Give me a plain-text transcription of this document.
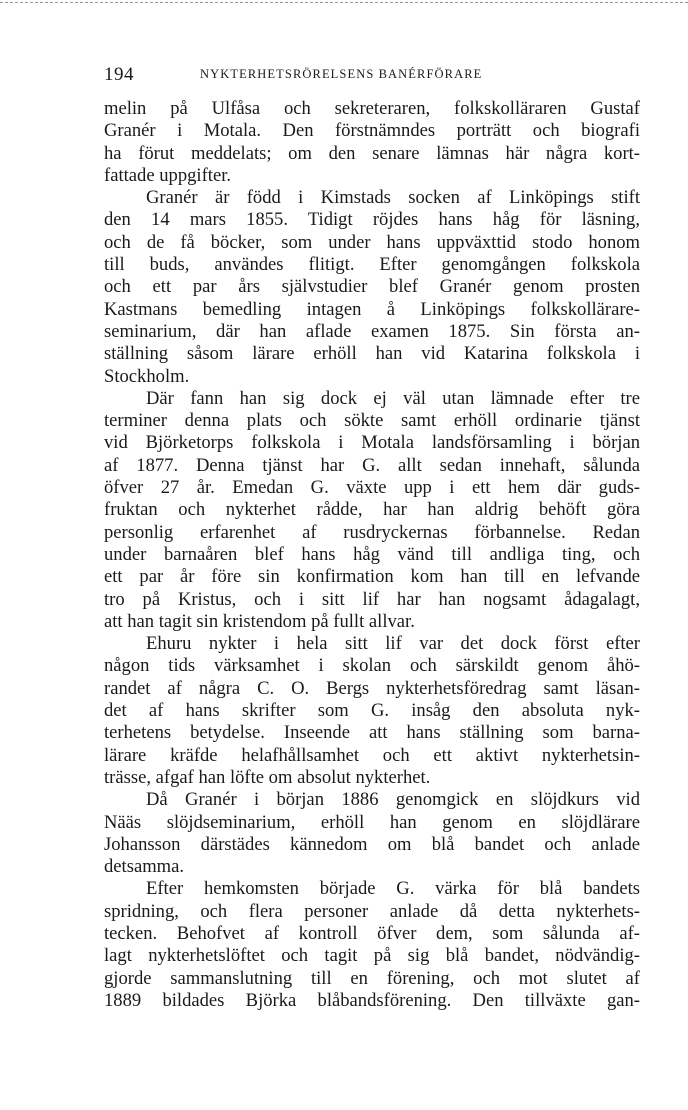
194	NYKTERHETSRÖRELSENS BANÉRFÖRARE
melin på Ulfåsa och sekreteraren, folkskolläraren Gustaf
Granér i Motala. Den förstnämndes porträtt och biografi
ha förut meddelats; om den senare lämnas här några kort-
fattade uppgifter.
Granér är född i Kimstads socken af Linköpings stift
den 14 mars 1855. Tidigt röjdes hans håg för läsning,
och de få böcker, som under hans uppväxttid stodo honom
till buds, användes flitigt. Efter genomgången folkskola
och ett par års självstudier blef Granér genom prosten
Kastmans bemedling intagen å Linköpings folkskollärare-
seminarium, där han aflade examen 1875. Sin första an-
ställning såsom lärare erhöll han vid Katarina folkskola i
Stockholm.
Där fann han sig dock ej väl utan lämnade efter tre
terminer denna plats och sökte samt erhöll ordinarie tjänst
vid Björketorps folkskola i Motala landsförsamling i början
af 1877. Denna tjänst har G. allt sedan innehaft, sålunda
öfver 27 år. Emedan G. växte upp i ett hem där guds-
fruktan och nykterhet rådde, har han aldrig behöft göra
personlig erfarenhet af rusdryckernas förbannelse. Redan
under barnaåren blef hans håg vänd till andliga ting, och
ett par år före sin konfirmation kom han till en lefvande
tro på Kristus, och i sitt lif har han nogsamt ådagalagt,
att han tagit sin kristendom på fullt allvar.
Ehuru nykter i hela sitt lif var det dock först efter
någon tids värksamhet i skolan och särskildt genom åhö-
randet af några C. O. Bergs nykterhetsföredrag samt läsan-
det af hans skrifter som G. insåg den absoluta nyk-
terhetens betydelse. Inseende att hans ställning som barna-
lärare kräfde helafhållsamhet och ett aktivt nykterhetsin-
trässe, afgaf han löfte om absolut nykterhet.
Då Granér i början 1886 genomgick en slöjdkurs vid
Nääs slöjdseminarium, erhöll han genom en slöjdlärare
Johansson därstädes kännedom om blå bandet och anlade
detsamma.
Efter hemkomsten började G. värka för blå bandets
spridning, och flera personer anlade då detta nykterhets-
tecken. Behofvet af kontroll öfver dem, som sålunda af-
lagt nykterhetslöftet och tagit på sig blå bandet, nödvändig-
gjorde sammanslutning till en förening, och mot slutet af
1889 bildades Björka blåbandsförening. Den tillväxte gan-
